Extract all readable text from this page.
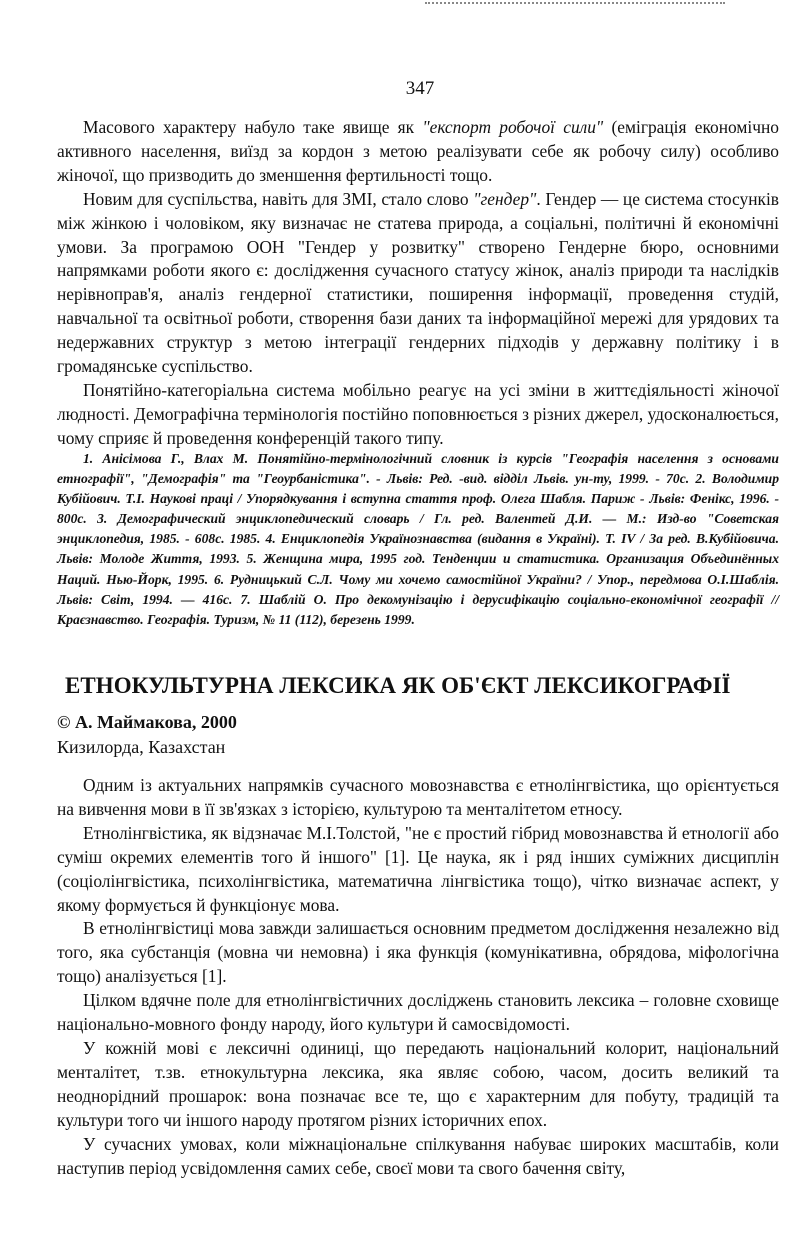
347

Масового характеру набуло таке явище як "експорт робочої сили" (еміграція економічно активного населення, виїзд за кордон з метою реалізувати себе як робочу силу) особливо жіночої, що призводить до зменшення фертильності тощо.

Новим для суспільства, навіть для ЗМІ, стало слово "гендер". Гендер — це система стосунків між жінкою і чоловіком, яку визначає не статева природа, а соціальні, політичні й економічні умови. За програмою ООН "Гендер у розвитку" створено Гендерне бюро, основними напрямками роботи якого є: дослідження сучасного статусу жінок, аналіз природи та наслідків нерівноправ'я, аналіз гендерної статистики, поширення інформації, проведення студій, навчальної та освітньої роботи, створення бази даних та інформаційної мережі для урядових та недержавних структур з метою інтеграції гендерних підходів у державну політику і в громадянське суспільство.

Понятійно-категоріальна система мобільно реагує на усі зміни в життєдіяльності жіночої людності. Демографічна термінологія постійно поповнюється з різних джерел, удосконалюється, чому сприяє й проведення конференцій такого типу.

1. Анісімова Г., Влах М. Понятійно-термінологічний словник із курсів "Географія населення з основами етнографії", "Демографія" та "Геоурбаністика". - Львів: Ред. -вид. відділ Львів. ун-ту, 1999. - 70с. 2. Володимир Кубійович. Т.І. Наукові праці / Упорядкування і вступна стаття проф. Олега Шабля. Париж - Львів: Фенікс, 1996. - 800с. 3. Демографический энциклопедический словарь / Гл. ред. Валентей Д.И. — М.: Изд-во "Советская энциклопедия, 1985. - 608с. 1985. 4. Енциклопедія Українознавства (видання в Україні). Т. IV / За ред. В.Кубійовича. Львів: Молоде Життя, 1993. 5. Женщина мира, 1995 год. Тенденции и статистика. Организация Объединённых Наций. Нью-Йорк, 1995. 6. Рудницький С.Л. Чому ми хочемо самостійної України? / Упор., передмова О.І.Шаблія. Львів: Світ, 1994. — 416с. 7. Шаблій О. Про декомунізацію і дерусифікацію соціально-економічної географії // Краєзнавство. Географія. Туризм, № 11 (112), березень 1999.

ЕТНОКУЛЬТУРНА ЛЕКСИКА ЯК ОБ'ЄКТ ЛЕКСИКОГРАФІЇ
© А. Маймакова, 2000
Кизилорда, Казахстан

Одним із актуальних напрямків сучасного мовознавства є етнолінгвістика, що орієнтується на вивчення мови в її зв'язках з історією, культурою та менталітетом етносу.

Етнолінгвістика, як відзначає М.І.Толстой, "не є простий гібрид мовознавства й етнології або суміш окремих елементів того й іншого" [1]. Це наука, як і ряд інших суміжних дисциплін (соціолінгвістика, психолінгвістика, математична лінгвістика тощо), чітко визначає аспект, у якому формується й функціонує мова.

В етнолінгвістиці мова завжди залишається основним предметом дослідження незалежно від того, яка субстанція (мовна чи немовна) і яка функція (комунікативна, обрядова, міфологічна тощо) аналізується [1].

Цілком вдячне поле для етнолінгвістичних досліджень становить лексика – головне сховище національно-мовного фонду народу, його культури й самосвідомості.

У кожній мові є лексичні одиниці, що передають національний колорит, національний менталітет, т.зв. етнокультурна лексика, яка являє собою, часом, досить великий та неоднорідний прошарок: вона позначає все те, що є характерним для побуту, традицій та культури того чи іншого народу протягом різних історичних епох.

У сучасних умовах, коли міжнаціональне спілкування набуває широких масштабів, коли наступив період усвідомлення самих себе, своєї мови та свого бачення світу,
